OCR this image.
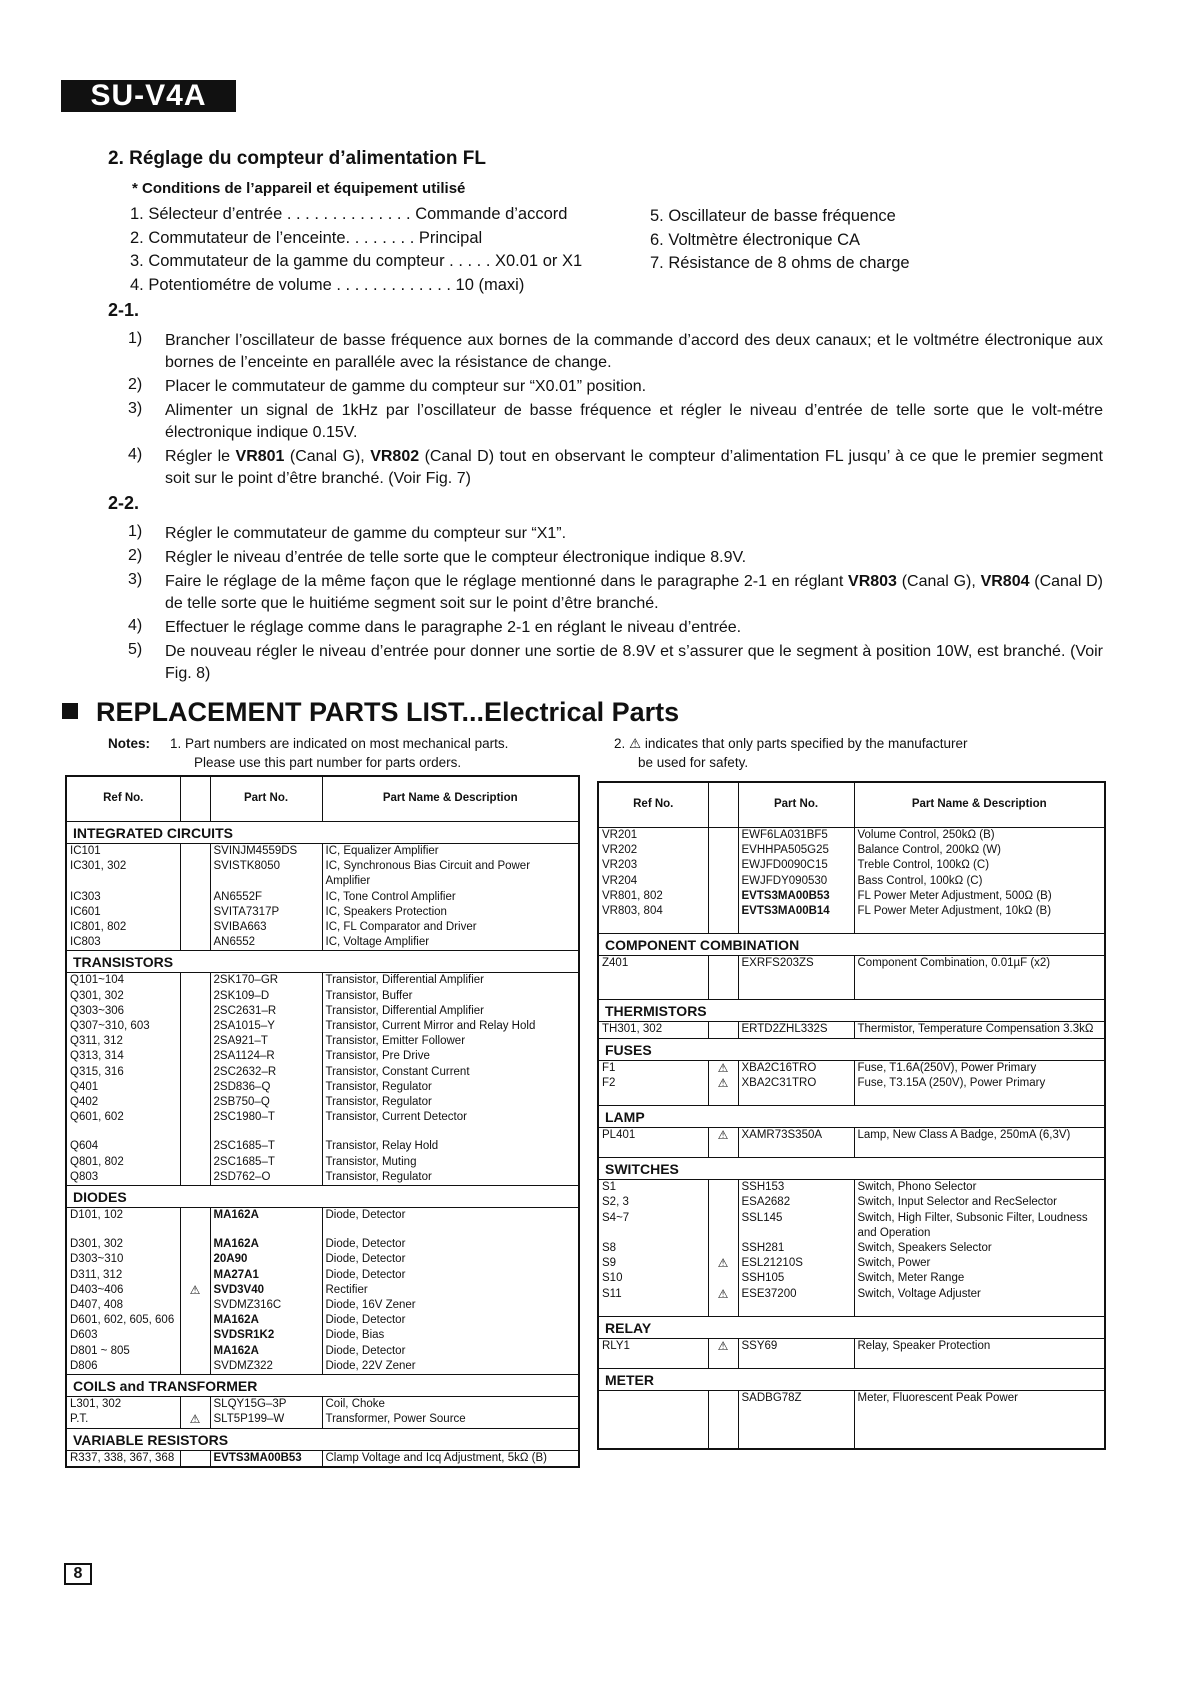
SU-V4A
2. Réglage du compteur d’alimentation FL
* Conditions de l’appareil et équipement utilisé
1. Sélecteur d’entrée . . . . . . . . . . . . . . Commande d’accord
2. Commutateur de l’enceinte. . . . . . . . Principal
3. Commutateur de la gamme du compteur . . . . . X0.01 or X1
4. Potentiométre de volume . . . . . . . . . . . . . 10 (maxi)
5. Oscillateur de basse fréquence
6. Voltmètre électronique CA
7. Résistance de 8 ohms de charge
2-1.
1)	Brancher l’oscillateur de basse fréquence aux bornes de la commande d’accord des deux canaux; et le voltmétre électronique aux bornes de l’enceinte en paralléle avec la résistance de change.
2)	Placer le commutateur de gamme du compteur sur “X0.01” position.
3)	Alimenter un signal de 1kHz par l’oscillateur de basse fréquence et régler le niveau d’entrée de telle sorte que le volt-métre électronique indique 0.15V.
4)	Régler le VR801 (Canal G), VR802 (Canal D) tout en observant le compteur d’alimentation FL jusqu’ à ce que le premier segment soit sur le point d’être branché. (Voir Fig. 7)
2-2.
1)	Régler le commutateur de gamme du compteur sur “X1”.
2)	Régler le niveau d’entrée de telle sorte que le compteur électronique indique 8.9V.
3)	Faire le réglage de la même façon que le réglage mentionné dans le paragraphe 2-1 en réglant VR803 (Canal G), VR804 (Canal D) de telle sorte que le huitiéme segment soit sur le point d’être branché.
4)	Effectuer le réglage comme dans le paragraphe 2-1 en réglant le niveau d’entrée.
5)	De nouveau régler le niveau d’entrée pour donner une sortie de 8.9V et s’assurer que le segment à position 10W, est branché. (Voir Fig. 8)
REPLACEMENT PARTS LIST...Electrical Parts
Notes: 1. Part numbers are indicated on most mechanical parts.
Please use this part number for parts orders.
2. ⚠ indicates that only parts specified by the manufacturer
be used for safety.
Ref No.		Part No.	Part Name & Description
INTEGRATED CIRCUITS			
IC101		SVINJM4559DS	IC, Equalizer Amplifier
IC301, 302		SVISTK8050	IC, Synchronous Bias Circuit and Power Amplifier
IC303		AN6552F	IC, Tone Control Amplifier
IC601		SVITA7317P	IC, Speakers Protection
IC801, 802		SVIBA663	IC, FL Comparator and Driver
IC803		AN6552	IC, Voltage Amplifier
TRANSISTORS			
Q101~104		2SK170–GR	Transistor, Differential Amplifier
Q301, 302		2SK109–D	Transistor, Buffer
Q303~306		2SC2631–R	Transistor, Differential Amplifier
Q307~310, 603		2SA1015–Y	Transistor, Current Mirror and Relay Hold
Q311, 312		2SA921–T	Transistor, Emitter Follower
Q313, 314		2SA1124–R	Transistor, Pre Drive
Q315, 316		2SC2632–R	Transistor, Constant Current
Q401		2SD836–Q	Transistor, Regulator
Q402		2SB750–Q	Transistor, Regulator
Q601, 602		2SC1980–T	Transistor, Current Detector

Q604		2SC1685–T	Transistor, Relay Hold
Q801, 802		2SC1685–T	Transistor, Muting
Q803		2SD762–O	Transistor, Regulator
DIODES			
D101, 102		MA162A	Diode, Detector

D301, 302		MA162A	Diode, Detector
D303~310		20A90	Diode, Detector
D311, 312		MA27A1	Diode, Detector
D403~406	⚠	SVD3V40	Rectifier
D407, 408		SVDMZ316C	Diode, 16V Zener
D601, 602, 605, 606		MA162A	Diode, Detector
D603		SVDSR1K2	Diode, Bias
D801 ~ 805		MA162A	Diode, Detector
D806		SVDMZ322	Diode, 22V Zener
COILS and TRANSFORMER			
L301, 302		SLQY15G–3P	Coil, Choke
P.T.	⚠	SLT5P199–W	Transformer, Power Source
VARIABLE RESISTORS			
R337, 338, 367, 368		EVTS3MA00B53	Clamp Voltage and Icq Adjustment, 5kΩ (B)
Ref No.		Part No.	Part Name & Description
VR201		EWF6LA031BF5	Volume Control, 250kΩ (B)
VR202		EVHHPA505G25	Balance Control, 200kΩ (W)
VR203		EWJFD0090C15	Treble Control, 100kΩ (C)
VR204		EWJFDY090530	Bass Control, 100kΩ (C)
VR801, 802		EVTS3MA00B53	FL Power Meter Adjustment, 500Ω (B)
VR803, 804		EVTS3MA00B14	FL Power Meter Adjustment, 10kΩ (B)

COMPONENT COMBINATION			
Z401		EXRFS203ZS	Component Combination, 0.01µF (x2)

THERMISTORS			
TH301, 302		ERTD2ZHL332S	Thermistor, Temperature Compensation 3.3kΩ
FUSES			
F1	⚠	XBA2C16TRO	Fuse, T1.6A(250V), Power Primary
F2	⚠	XBA2C31TRO	Fuse, T3.15A (250V), Power Primary

LAMP			
PL401	⚠	XAMR73S350A	Lamp, New Class A Badge, 250mA (6,3V)

SWITCHES			
S1		SSH153	Switch, Phono Selector
S2, 3		ESA2682	Switch, Input Selector and RecSelector
S4~7		SSL145	Switch, High Filter, Subsonic Filter, Loudness and Operation
S8		SSH281	Switch, Speakers Selector
S9	⚠	ESL21210S	Switch, Power
S10		SSH105	Switch, Meter Range
S11	⚠	ESE37200	Switch, Voltage Adjuster

RELAY			
RLY1	⚠	SSY69	Relay, Speaker Protection

METER			
		SADBG78Z	Meter, Fluorescent Peak Power

8
